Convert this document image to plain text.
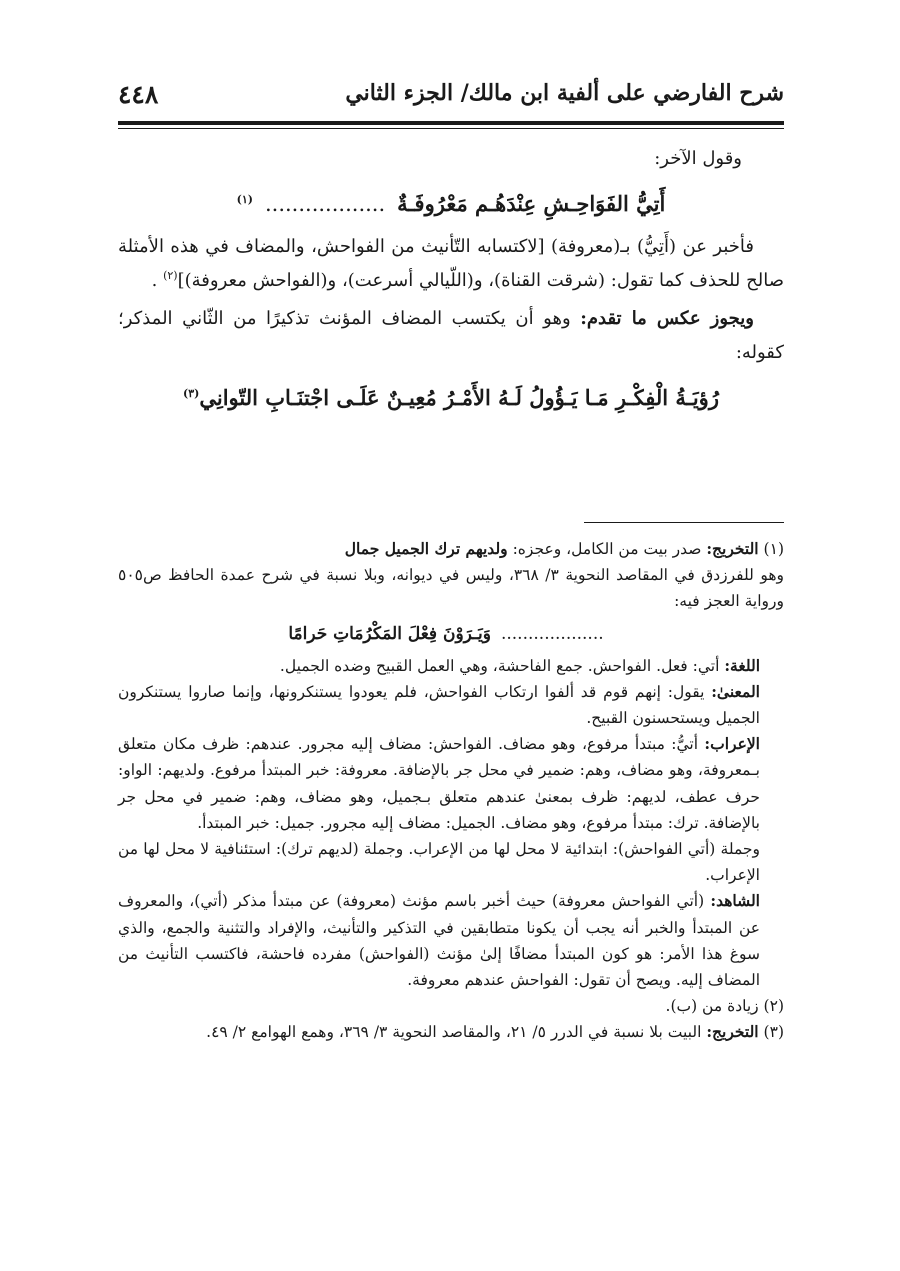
شرح الفارضي على ألفية ابن مالك/ الجزء الثاني
٤٤٨

وقول الآخر:

أَتِيُّ الفَوَاحِـشِ عِنْدَهُـم مَعْرُوفَـةٌ..................$^{(١)}$

فأخبر عن (أَتِيُّ) بـ(معروفة) [لاكتسابه التّأنيث من الفواحش، والمضاف في هذه الأمثلة صالح للحذف كما تقول: (شرقت القناة)، و(اللّيالي أسرعت)، و(الفواحش معروفة)]$^{(٢)}$ .

ويجوز عكس ما تقدم: وهو أن يكتسب المضاف المؤنث تذكيرًا من الثّاني المذكر؛ كقوله:

رُؤيَـةُ الْفِكْـرِ مَـا يَـؤُولُ لَـهُ الأَمْـرُ مُعِيـنٌ عَلَـى اجْتنَـابِ التّوانِي$^{(٣)}$

(١) التخريج: صدر بيت من الكامل، وعجزه: ولديهم ترك الجميل جمال

وهو للفرزدق في المقاصد النحوية ٣/ ٣٦٨، وليس في ديوانه، وبلا نسبة في شرح عمدة الحافظ ص٥٠٥ ورواية العجز فيه:

...................وَيَـرَوْنَ فِعْلَ المَكْرُمَاتِ حَرامًا

اللغة: أتي: فعل. الفواحش. جمع الفاحشة، وهي العمل القبيح وضده الجميل.

المعنىٰ: يقول: إنهم قوم قد ألفوا ارتكاب الفواحش، فلم يعودوا يستنكرونها، وإنما صاروا يستنكرون الجميل ويستحسنون القبيح.

الإعراب: أتيُّ: مبتدأ مرفوع، وهو مضاف. الفواحش: مضاف إليه مجرور. عندهم: ظرف مكان متعلق بـمعروفة، وهو مضاف، وهم: ضمير في محل جر بالإضافة. معروفة: خبر المبتدأ مرفوع. ولديهم: الواو: حرف عطف، لديهم: ظرف بمعنىٰ عندهم متعلق بـجميل، وهو مضاف، وهم: ضمير في محل جر بالإضافة. ترك: مبتدأ مرفوع، وهو مضاف. الجميل: مضاف إليه مجرور. جميل: خبر المبتدأ.

وجملة (أتي الفواحش): ابتدائية لا محل لها من الإعراب. وجملة (لديهم ترك): استئنافية لا محل لها من الإعراب.

الشاهد: (أتي الفواحش معروفة) حيث أخبر باسم مؤنث (معروفة) عن مبتدأ مذكر (أتي)، والمعروف عن المبتدأ والخبر أنه يجب أن يكونا متطابقين في التذكير والتأنيث، والإفراد والتثنية والجمع، والذي سوغ هذا الأمر: هو كون المبتدأ مضافًا إلىٰ مؤنث (الفواحش) مفرده فاحشة، فاكتسب التأنيث من المضاف إليه. ويصح أن تقول: الفواحش عندهم معروفة.

(٢) زيادة من (ب).

(٣) التخريج: البيت بلا نسبة في الدرر ٥/ ٢١، والمقاصد النحوية ٣/ ٣٦٩، وهمع الهوامع ٢/ ٤٩.
